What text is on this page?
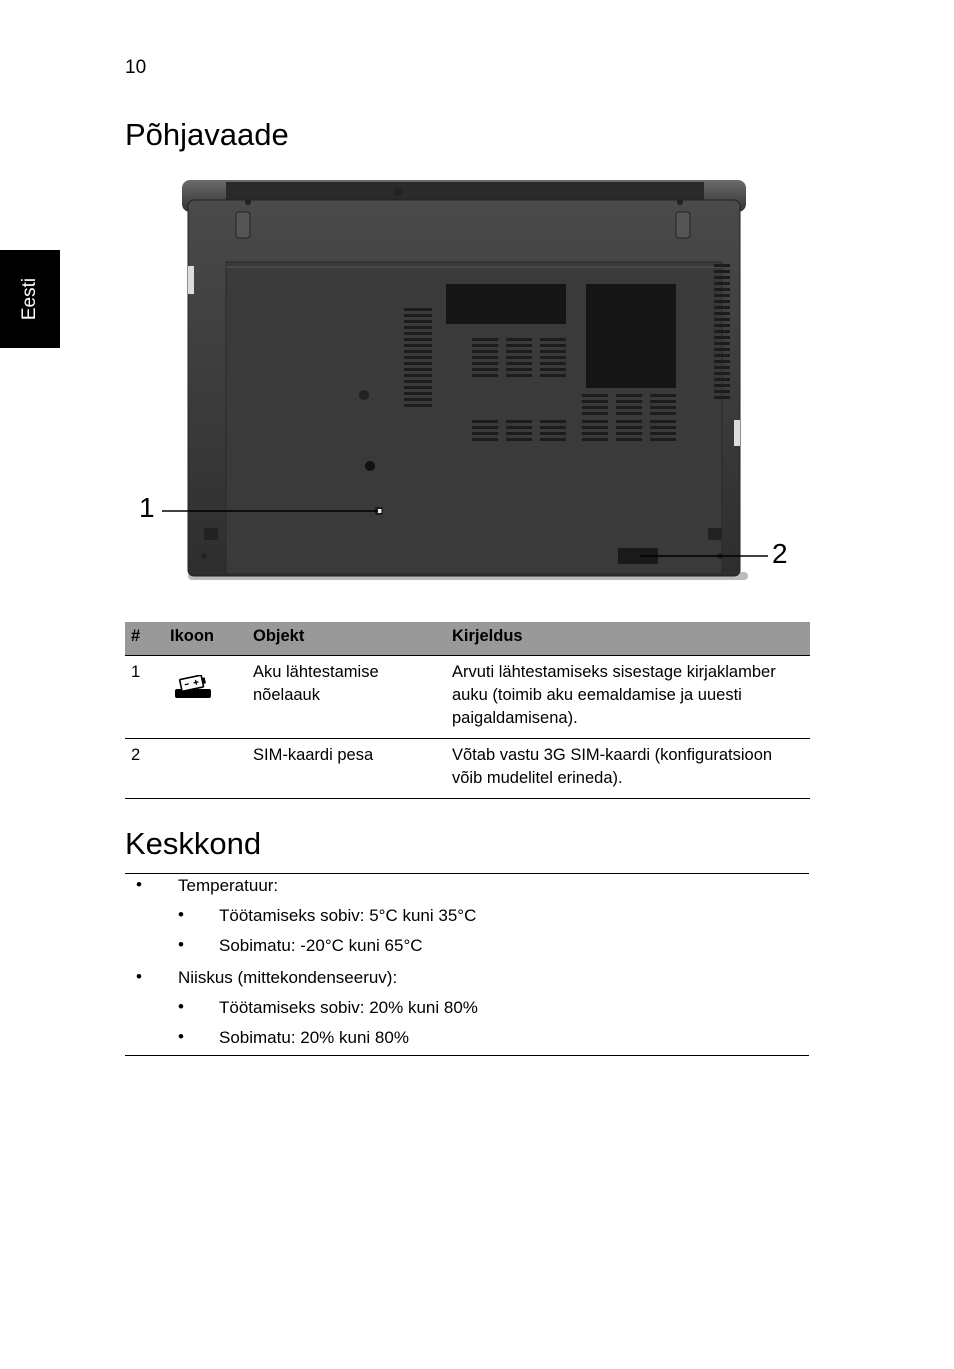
10
Eesti
Põhjavaade
1
2
#	Ikoon	Objekt	Kirjeldus
1		Aku lähtestamise nõelaauk	Arvuti lähtestamiseks sisestage kirjaklamber auku (toimib aku eemaldamise ja uuesti paigaldamisena).
2		SIM-kaardi pesa	Võtab vastu 3G SIM-kaardi (konfiguratsioon võib mudelitel erineda).
Keskkond
• Temperatuur:
• Töötamiseks sobiv: 5°C kuni 35°C
• Sobimatu: -20°C kuni 65°C
• Niiskus (mittekondenseeruv):
• Töötamiseks sobiv: 20% kuni 80%
• Sobimatu: 20% kuni 80%
